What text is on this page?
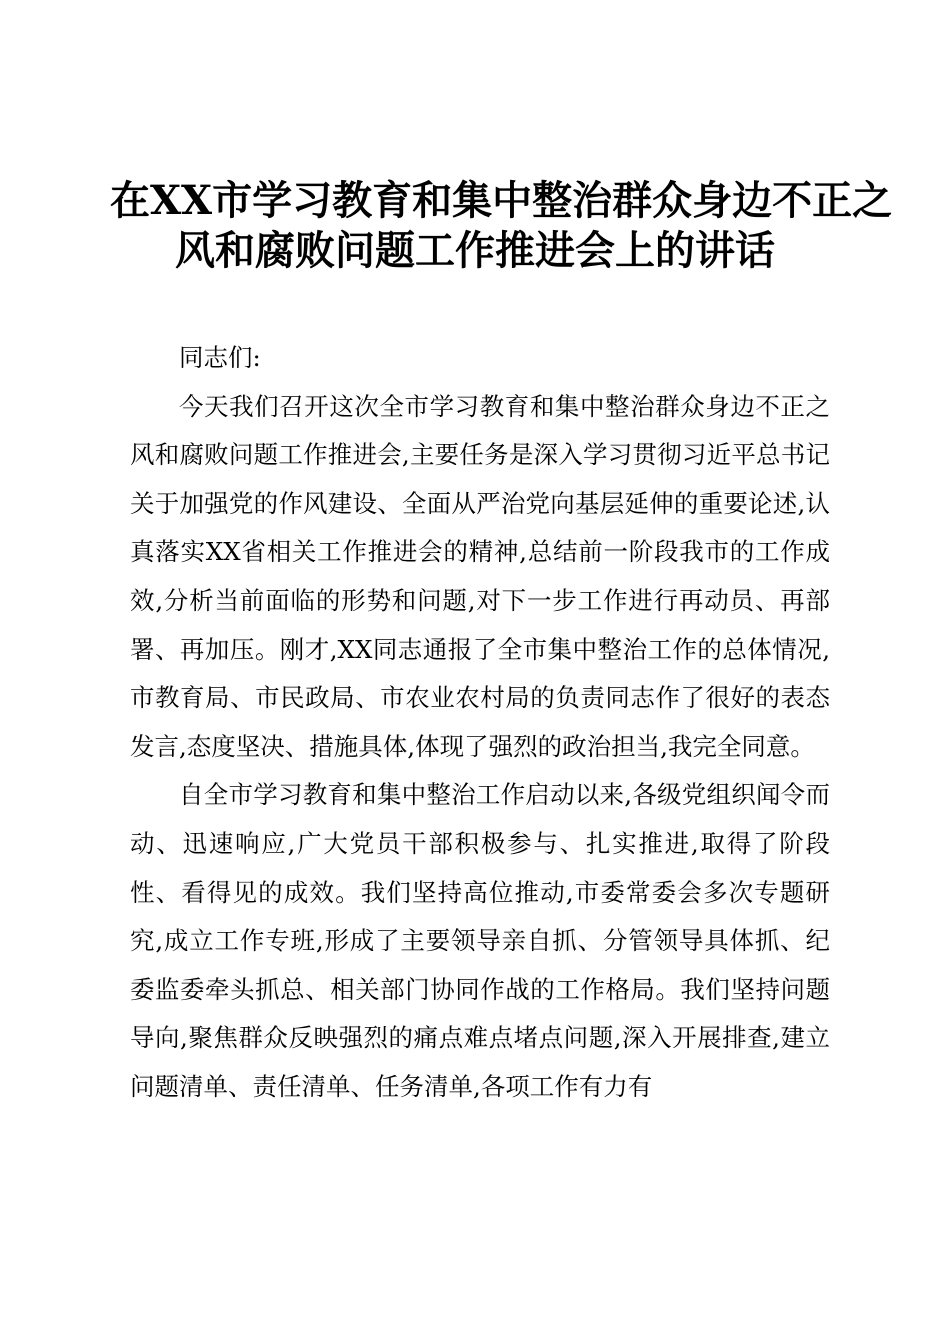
在XX市学习教育和集中整治群众身边不正之
风和腐败问题工作推进会上的讲话

同志们:

今天我们召开这次全市学习教育和集中整治群众身边不正之风和腐败问题工作推进会,主要任务是深入学习贯彻习近平总书记关于加强党的作风建设、全面从严治党向基层延伸的重要论述,认真落实XX省相关工作推进会的精神,总结前一阶段我市的工作成效,分析当前面临的形势和问题,对下一步工作进行再动员、再部署、再加压。刚才,XX同志通报了全市集中整治工作的总体情况,市教育局、市民政局、市农业农村局的负责同志作了很好的表态发言,态度坚决、措施具体,体现了强烈的政治担当,我完全同意。

自全市学习教育和集中整治工作启动以来,各级党组织闻令而动、迅速响应,广大党员干部积极参与、扎实推进,取得了阶段性、看得见的成效。我们坚持高位推动,市委常委会多次专题研究,成立工作专班,形成了主要领导亲自抓、分管领导具体抓、纪委监委牵头抓总、相关部门协同作战的工作格局。我们坚持问题导向,聚焦群众反映强烈的痛点难点堵点问题,深入开展排查,建立问题清单、责任清单、任务清单,各项工作有力有
